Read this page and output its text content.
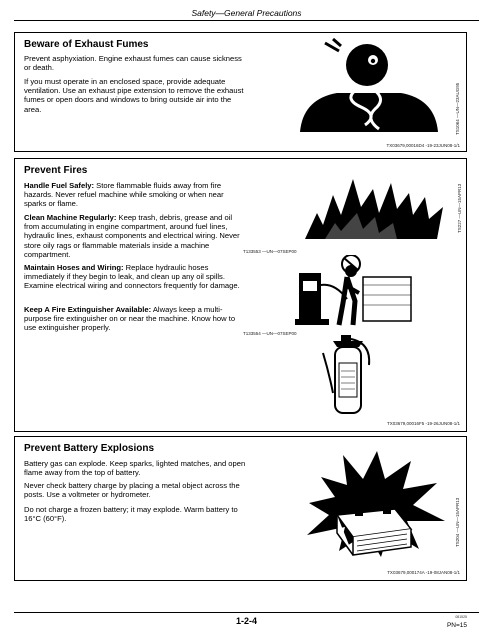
Safety—General Precautions
Beware of Exhaust Fumes

Prevent asphyxiation. Engine exhaust fumes can cause sickness or death.

If you must operate in an enclosed space, provide adequate ventilation. Use an exhaust pipe extension to remove the exhaust fumes or open doors and windows to bring outside air into the area.	TS1064 —UN—23AUG95
TX03679,00016D4 -19-23JUN08-1/1
Prevent Fires

Handle Fuel Safely: Store flammable fluids away from fire hazards. Never refuel machine while smoking or when near sparks or flame.

Clean Machine Regularly: Keep trash, debris, grease and oil from accumulating in engine compartment, around fuel lines, hydraulic lines, exhaust components and electrical wiring. Never store oily rags or flammable materials inside a machine compartment.

Maintain Hoses and Wiring: Replace hydraulic hoses immediately if they begin to leak, and clean up any oil spills. Examine electrical wiring and connectors frequently for damage.

Keep A Fire Extinguisher Available: Always keep a multi-purpose fire extinguisher on or near the machine. Know how to use extinguisher properly.

TS227 —UN—15APR13
T133553 —UN—07SEP00
T133554 —UN—07SEP00
TX03679,00016F5 -19-26JUN08-1/1
Prevent Battery Explosions

Battery gas can explode. Keep sparks, lighted matches, and open flame away from the top of battery.

Never check battery charge by placing a metal object across the posts. Use a voltmeter or hydrometer.

Do not charge a frozen battery; it may explode. Warm battery to 16°C (60°F).	TS204 —UN—15APR13
TX03679,000174A -19-08JAN08-1/1
1-2-4	081525
PN=15
